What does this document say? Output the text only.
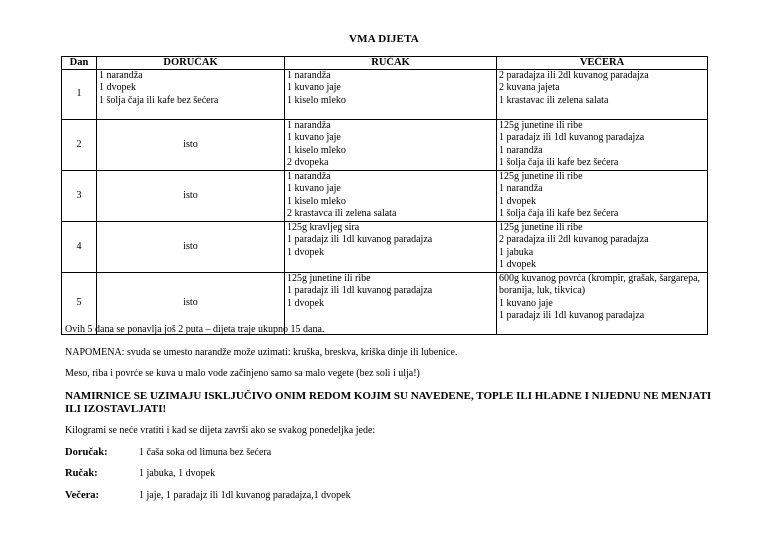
VMA DIJETA
Dan	DORUČAK	RUČAK	VEČERA
1	1 narandža
1 dvopek
1 šolja čaja ili kafe bez šećera	1 narandža
1 kuvano jaje
1 kiselo mleko	2 paradajza ili 2dl kuvanog paradajza
2 kuvana jajeta
1 krastavac ili zelena salata

2	isto	1 narandža
1 kuvano jaje
1 kiselo mleko
2 dvopeka	125g junetine ili ribe
1 paradajz ili 1dl kuvanog paradajza
1 narandža
1 šolja čaja ili kafe bez šećera

3	isto	1 narandža
1 kuvano jaje
1 kiselo mleko
2 krastavca ili zelena salata	125g junetine ili ribe
1 narandža
1 dvopek
1 šolja čaja ili kafe bez šećera

4	isto	125g kravljeg sira
1 paradajz ili 1dl kuvanog paradajza
1 dvopek	125g junetine ili ribe
2 paradajza ili 2dl kuvanog paradajza
1 jabuka
1 dvopek

5	isto	125g junetine ili ribe
1 paradajz ili 1dl kuvanog paradajza
1 dvopek	600g kuvanog povrća (krompir, grašak, šargarepa, boranija, luk, tikvica)
1 kuvano jaje
1 paradajz ili 1dl kuvanog paradajza
Ovih 5 dana se ponavlja još 2 puta – dijeta traje ukupno 15 dana.
NAPOMENA: svuda se umesto narandže može uzimati: kruška, breskva, kriška dinje ili lubenice.
Meso, riba i povrće se kuva u malo vode začinjeno samo sa malo vegete (bez soli i ulja!)
NAMIRNICE SE UZIMAJU ISKLJUČIVO ONIM REDOM KOJIM SU NAVEDENE, TOPLE ILI HLADNE I NIJEDNU NE MENJATI ILI IZOSTAVLJATI!
Kilogrami se neće vratiti i kad se dijeta završi ako se svakog ponedeljka jede:
Doručak:	1 čaša soka od limuna bez šećera
Ručak:	1 jabuka, 1 dvopek
Večera:	1 jaje, 1 paradajz ili 1dl kuvanog paradajza,1 dvopek
